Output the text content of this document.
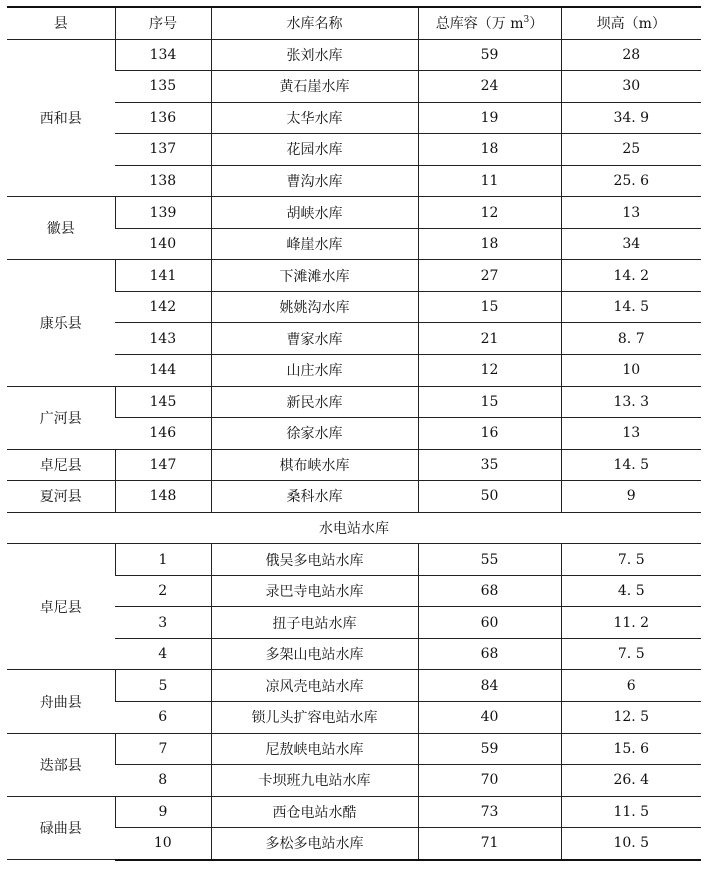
县	序号	水库名称	总库容（万 $m^3$）	坝高（m）
西和县	134	张刘水库	59	28
	135	黄石崖水库	24	30
	136	太华水库	19	34. 9
	137	花园水库	18	25
	138	曹沟水库	11	25. 6
徽县	139	胡峡水库	12	13
	140	峰崖水库	18	34
康乐县	141	下滩滩水库	27	14. 2
	142	姚姚沟水库	15	14. 5
	143	曹家水库	21	8. 7
	144	山庄水库	12	10
广河县	145	新民水库	15	13. 3
	146	徐家水库	16	13
卓尼县	147	棋布峡水库	35	14. 5
夏河县	148	桑科水库	50	9
水电站水库				
卓尼县	1	俄吴多电站水库	55	7. 5
	2	录巴寺电站水库	68	4. 5
	3	扭子电站水库	60	11. 2
	4	多架山电站水库	68	7. 5
舟曲县	5	凉风壳电站水库	84	6
	6	锁儿头扩容电站水库	40	12. 5
迭部县	7	尼敖峡电站水库	59	15. 6
	8	卡坝班九电站水库	70	26. 4
碌曲县	9	西仓电站水酷	73	11. 5
	10	多松多电站水库	71	10. 5
